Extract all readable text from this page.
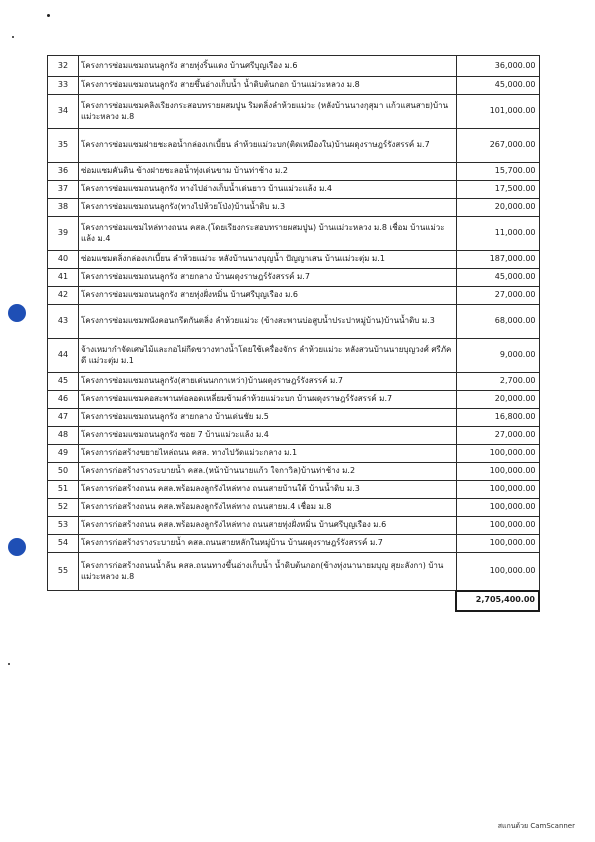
32	โครงการซ่อมแซมถนนลูกรัง สายทุ่งริ้นแดง บ้านศรีบุญเรือง ม.6	36,000.00
33	โครงการซ่อมแซมถนนลูกรัง สายขึ้นอ่างเก็บน้ำ น้ำดิบต้นกอก บ้านแม่วะหลวง ม.8	45,000.00
34	โครงการซ่อมแซมคลิงเรียงกระสอบทรายผสมปูน ริมตลิ่งลำห้วยแม่วะ (หลังบ้านนางกุสุมา แก้วแสนสาย)บ้านแม่วะหลวง ม.8	101,000.00
35	โครงการซ่อมแซมฝายชะลอน้ำกล่องเกเบี้ยน ลำห้วยแม่วะบก(ติดเหมืองใน)บ้านผดุงราษฎร์รังสรรค์ ม.7	267,000.00
36	ซ่อมแซมคันดิน ข้างฝายชะลอน้ำทุ่งเด่นขาม บ้านท่าช้าง ม.2	15,700.00
37	โครงการซ่อมแซมถนนลูกรัง ทางไปอ่างเก็บน้ำเด่นยาว บ้านแม่วะแล้ง ม.4	17,500.00
38	โครงการซ่อมแซมถนนลูกรัง(ทางไปห้วยโป่ง)บ้านน้ำดิบ ม.3	20,000.00
39	โครงการซ่อมแซมไหล่ทางถนน คสล.(โดยเรียงกระสอบทรายผสมปูน) บ้านแม่วะหลวง ม.8 เชื่อม บ้านแม่วะแล้ง ม.4	11,000.00
40	ซ่อมแซมตลิ่งกล่องเกเบี้ยน ลำห้วยแม่วะ หลังบ้านนางบุญน้ำ ปัญญาเสน บ้านแม่วะตุ่ม ม.1	187,000.00
41	โครงการซ่อมแซมถนนลูกรัง สายกลาง บ้านผดุงราษฎร์รังสรรค์ ม.7	45,000.00
42	โครงการซ่อมแซมถนนลูกรัง สายทุ่งฝั่งหมิ่น บ้านศรีบุญเรือง ม.6	27,000.00
43	โครงการซ่อมแซมพนังคอนกรีตกันตลิ่ง ลำห้วยแม่วะ (ข้างสะพานบ่อสูบน้ำประปาหมู่บ้าน)บ้านน้ำดิบ ม.3	68,000.00
44	จ้างเหมากำจัดเศษไม้และกอไผ่กีดขวางทางน้ำโดยใช้เครื่องจักร ลำห้วยแม่วะ หลังสวนบ้านนายบุญวงศ์ ศรีภัคดี แม่วะตุ่ม ม.1	9,000.00
45	โครงการซ่อมแซมถนนลูกรัง(สายเด่นนกกาเหว่า)บ้านผดุงราษฎร์รังสรรค์ ม.7	2,700.00
46	โครงการซ่อมแซมคอสะพานท่อลอดเหลี่ยมข้ามลำห้วยแม่วะบก บ้านผดุงราษฎร์รังสรรค์ ม.7	20,000.00
47	โครงการซ่อมแซมถนนลูกรัง สายกลาง บ้านเด่นชัย ม.5	16,800.00
48	โครงการซ่อมแซมถนนลูกรัง ซอย 7 บ้านแม่วะแล้ง ม.4	27,000.00
49	โครงการก่อสร้างขยายไหล่ถนน คสล. ทางไปวัดแม่วะกลาง ม.1	100,000.00
50	โครงการก่อสร้างรางระบายน้ำ คสล.(หน้าบ้านนายแก้ว ใจกาวิล)บ้านท่าช้าง ม.2	100,000.00
51	โครงการก่อสร้างถนน คสล.พร้อมลงลูกรังไหล่ทาง ถนนสายบ้านใต้ บ้านน้ำดิบ ม.3	100,000.00
52	โครงการก่อสร้างถนน คสล.พร้อมลงลูกรังไหล่ทาง ถนนสายม.4 เชื่อม ม.8	100,000.00
53	โครงการก่อสร้างถนน คสล.พร้อมลงลูกรังไหล่ทาง ถนนสายทุ่งฝั่งหมิ่น บ้านศรีบุญเรือง ม.6	100,000.00
54	โครงการก่อสร้างรางระบายน้ำ คสล.ถนนสายหลักในหมู่บ้าน บ้านผดุงราษฎร์รังสรรค์ ม.7	100,000.00
55	โครงการก่อสร้างถนนน้ำล้น คสล.ถนนทางขึ้นอ่างเก็บน้ำ น้ำดิบต้นกอก(ข้างทุ่งนานายมบุญ สุยะลังกา) บ้านแม่วะหลวง ม.8	100,000.00
		2,705,400.00
สแกนด้วย CamScanner
